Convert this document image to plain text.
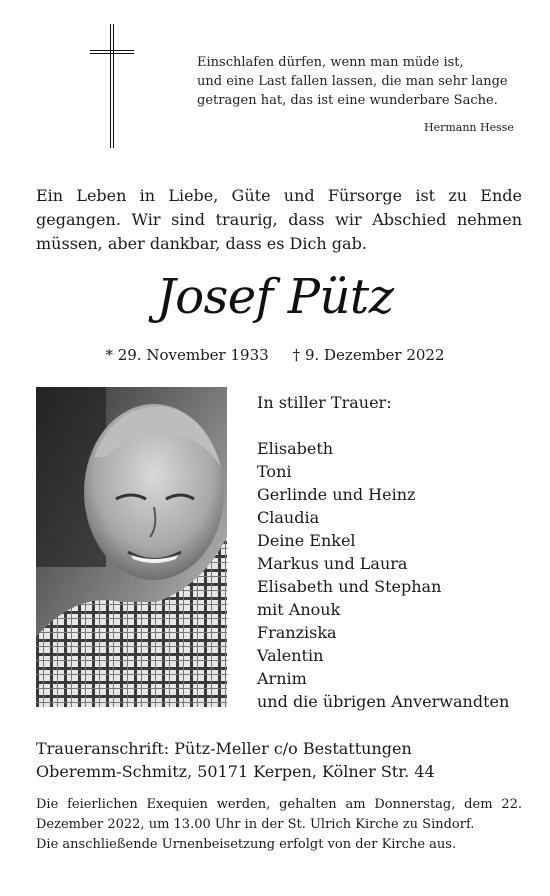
Einschlafen dürfen, wenn man müde ist,
und eine Last fallen lassen, die man sehr lange
getragen hat, das ist eine wunderbare Sache.
Hermann Hesse
Ein Leben in Liebe, Güte und Fürsorge ist zu Ende gegangen. Wir sind traurig, dass wir Abschied nehmen müssen, aber dankbar, dass es Dich gab.
Josef Pütz
* 29. November 1933 † 9. Dezember 2022
In stiller Trauer:
Elisabeth
Toni
Gerlinde und Heinz
Claudia
Deine Enkel
Markus und Laura
Elisabeth und Stephan
mit Anouk
Franziska
Valentin
Arnim
und die übrigen Anverwandten
Traueranschrift: Pütz-Meller c/o Bestattungen
Oberemm-Schmitz, 50171 Kerpen, Kölner Str. 44
Die feierlichen Exequien werden, gehalten am Donnerstag, dem 22. Dezember 2022, um 13.00 Uhr in der St. Ulrich Kirche zu Sindorf.
Die anschließende Urnenbeisetzung erfolgt von der Kirche aus.
